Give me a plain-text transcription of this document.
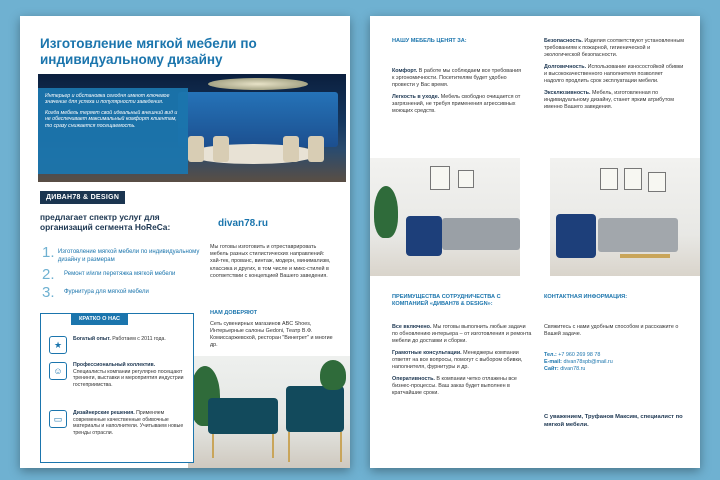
Изготовление мягкой мебели по индивидуальному дизайну

Интерьер и обстановка сегодня имеют ключевое значение для успеха и популярности заведения.

Когда мебель теряет свой идеальный внешний вид и не обеспечивает максимальный комфорт клиентам, то сразу снижается посещаемость.

ДИВАН78 & DESIGN
предлагает спектр услуг для организаций сегмента HoReCa:	divan78.ru
1. Изготовление мягкой мебели по индивидуальному дизайну и размерам
2.	Ремонт и/или перетяжка мягкой мебели
3.	Фурнитура для мягкой мебели
Мы готовы изготовить и отреставрировать мебель разных стилистических направлений: хай-тек, прованс, винтаж, модерн, минимализм, классика и других, в том числе и микс-стилей в соответствии с концепцией Вашего заведения.
НАМ ДОВЕРЯЮТ
Сеть сувенирных магазинов ABC Shoes, Интерьерные салоны Gedoni, Театр В.Ф. Комиссаржевской, ресторан "Винегрет" и многие др.
КРАТКО О НАС
★
Богатый опыт. Работаем с 2011 года.
☺
Профессиональный коллектив. Специалисты компании регулярно посещают тренинги, выставки и мероприятия индустрии гостеприимства.
▭
Дизайнерские решения. Применяем современные качественные обивочные материалы и наполнители. Учитываем новые тренды отрасли.
НАШУ МЕБЕЛЬ ЦЕНЯТ ЗА:

Комфорт. В работе мы соблюдаем все требования к эргономичности. Посетителям будет удобно провести у Вас время.

Легкость в уходе. Мебель свободно очищается от загрязнений, не требуя применения агрессивных моющих средств.

Безопасность. Изделия соответствуют установленным требованиям к пожарной, гигиенической и экологической безопасности.

Долговечность. Использование износостойкой обивки и высококачественного наполнителя позволяет надолго продлить срок эксплуатации мебели.

Эксклюзивность. Мебель, изготовленная по индивидуальному дизайну, станет ярким атрибутом именно Вашего заведения.

ПРЕИМУЩЕСТВА СОТРУДНИЧЕСТВА С КОМПАНИЕЙ «ДИВАН78 & DESIGN»:

Все включено. Мы готовы выполнить любые задачи по обновлению интерьера – от изготовления и ремонта мебели до доставки и сборки.

Грамотные консультации. Менеджеры компании ответят на все вопросы, помогут с выбором обивки, наполнителя, фурнитуры и др.

Оперативность. В компании четко отлажены все бизнес-процессы. Ваш заказ будет выполнен в кратчайшие сроки.

КОНТАКТНАЯ ИНФОРМАЦИЯ:
Свяжитесь с нами удобным способом и расскажите о Вашей задаче.
Тел.: +7 960 269 98 78
E-mail: divan78spb@mail.ru
Сайт: divan78.ru
С уважением, Труфанов Максим, специалист по мягкой мебели.
